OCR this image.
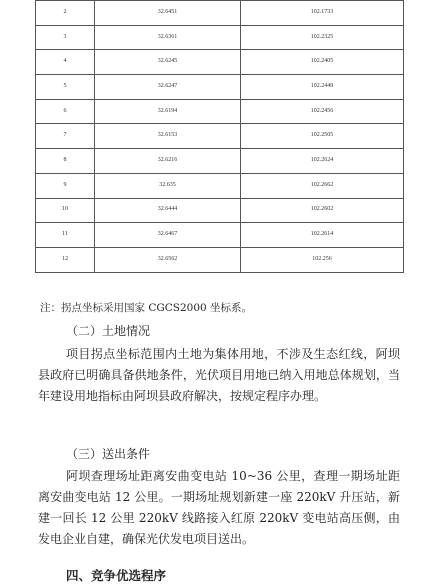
2	32.6451	102.1733
3	32.6361	102.2325
4	32.6245	102.2405
5	32.6247	102.2449
6	32.6194	102.2456
7	32.6153	102.2505
8	32.6216	102.2624
9	32.635	102.2662
10	32.6444	102.2602
11	32.6467	102.2614
12	32.6562	102.256
注：拐点坐标采用国家 CGCS2000 坐标系。
（二）土地情况
项目拐点坐标范围内土地为集体用地，不涉及生态红线，阿坝县政府已明确具备供地条件，光伏项目用地已纳入用地总体规划，当年建设用地指标由阿坝县政府解决，按规定程序办理。
（三）送出条件
阿坝查理场址距离安曲变电站 10~36 公里，查理一期场址距离安曲变电站 12 公里。一期场址规划新建一座 220kV 升压站，新建一回长 12 公里 220kV 线路接入红原 220kV 变电站高压侧，由发电企业自建，确保光伏发电项目送出。
四、竞争优选程序
